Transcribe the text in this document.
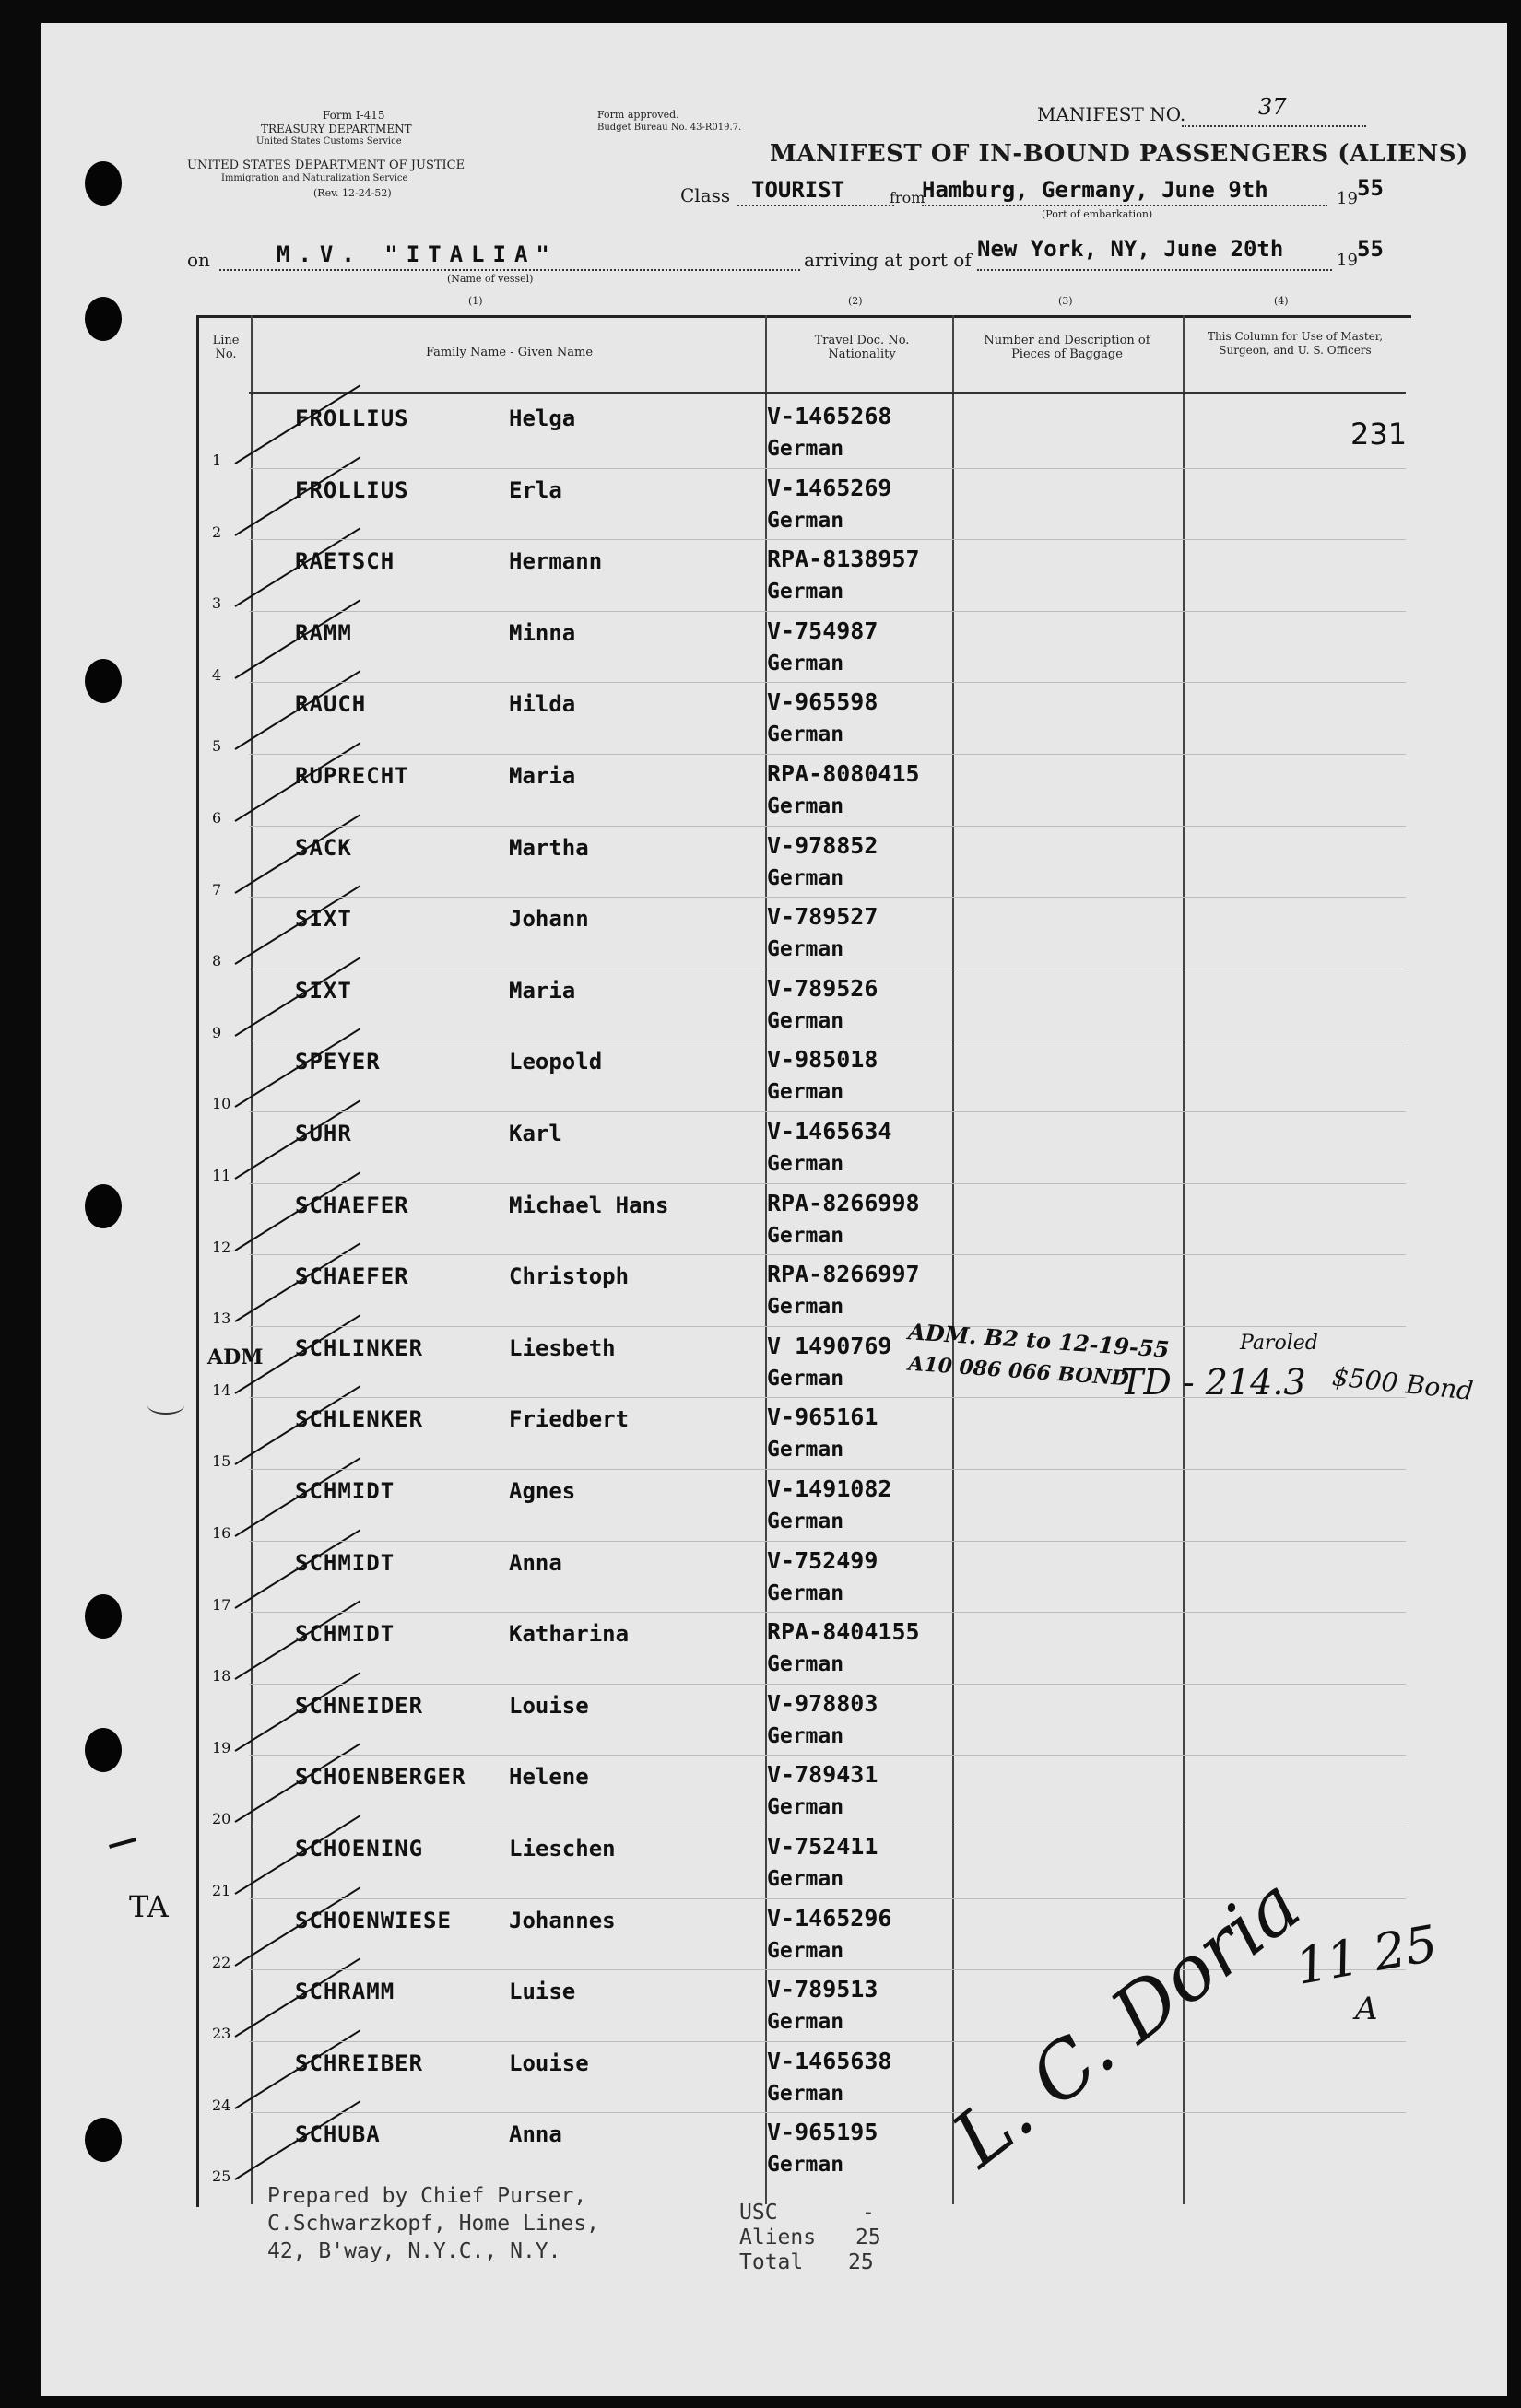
Form I-415
TREASURY DEPARTMENT
United States Customs Service
UNITED STATES DEPARTMENT OF JUSTICE
Immigration and Naturalization Service
(Rev. 12-24-52)
Form approved.
Budget Bureau No. 43-R019.7.
MANIFEST NO.	37
MANIFEST OF IN-BOUND PASSENGERS (ALIENS)
Class TOURIST	from
Hamburg, Germany, June 9th
(Port of embarkation)
19 55
on	M.V. "ITALIA"
(Name of vessel)
arriving at port of New York, NY, June 20th	19 55
(1)	(2)	(3)	(4)
Line No.	Family Name - Given Name
Travel Doc. No. Nationality
Number and Description of Pieces of Baggage
This Column for Use of Master, Surgeon, and U. S. Officers
231
FROLLIUS	Helga	V-1465268
German
1
FROLLIUS	Erla	V-1465269
German
2
RAETSCH	Hermann	RPA-8138957
German
3
RAMM	Minna	V-754987
German
4
RAUCH	Hilda	V-965598
German
5
RUPRECHT	Maria	RPA-8080415
German
6
SACK	Martha	V-978852
German
7
SIXT	Johann	V-789527
German
8
SIXT	Maria	V-789526
German
9
SPEYER	Leopold	V-985018
German
10
SUHR	Karl	V-1465634
German
11
SCHAEFER	Michael Hans	RPA-8266998
German
12
SCHAEFER	Christoph	RPA-8266997
German
13
SCHLINKER	Liesbeth	V 1490769
German
14
SCHLENKER	Friedbert	V-965161
German
15
SCHMIDT	Agnes	V-1491082
German
16
SCHMIDT	Anna	V-752499
German
17
SCHMIDT	Katharina	RPA-8404155
German
18
SCHNEIDER	Louise	V-978803
German
19
SCHOENBERGER Helene	V-789431
German
20
SCHOENING	Lieschen	V-752411
German
21
SCHOENWIESE	Johannes	V-1465296
German
22
SCHRAMM	Luise	V-789513
German
23
SCHREIBER	Louise	V-1465638
German
24
SCHUBA	Anna	V-965195
German
25
ADM	ADM. B2 to 12-19-55
A10 086 066 BOND
TD - 214.3
Paroled
$500 Bond
TA	L. C. Doria
11 25
A
Prepared by Chief Purser,
C.Schwarzkopf, Home Lines,
42, B'way, N.Y.C., N.Y.
USC	-
Aliens 25
Total 25
